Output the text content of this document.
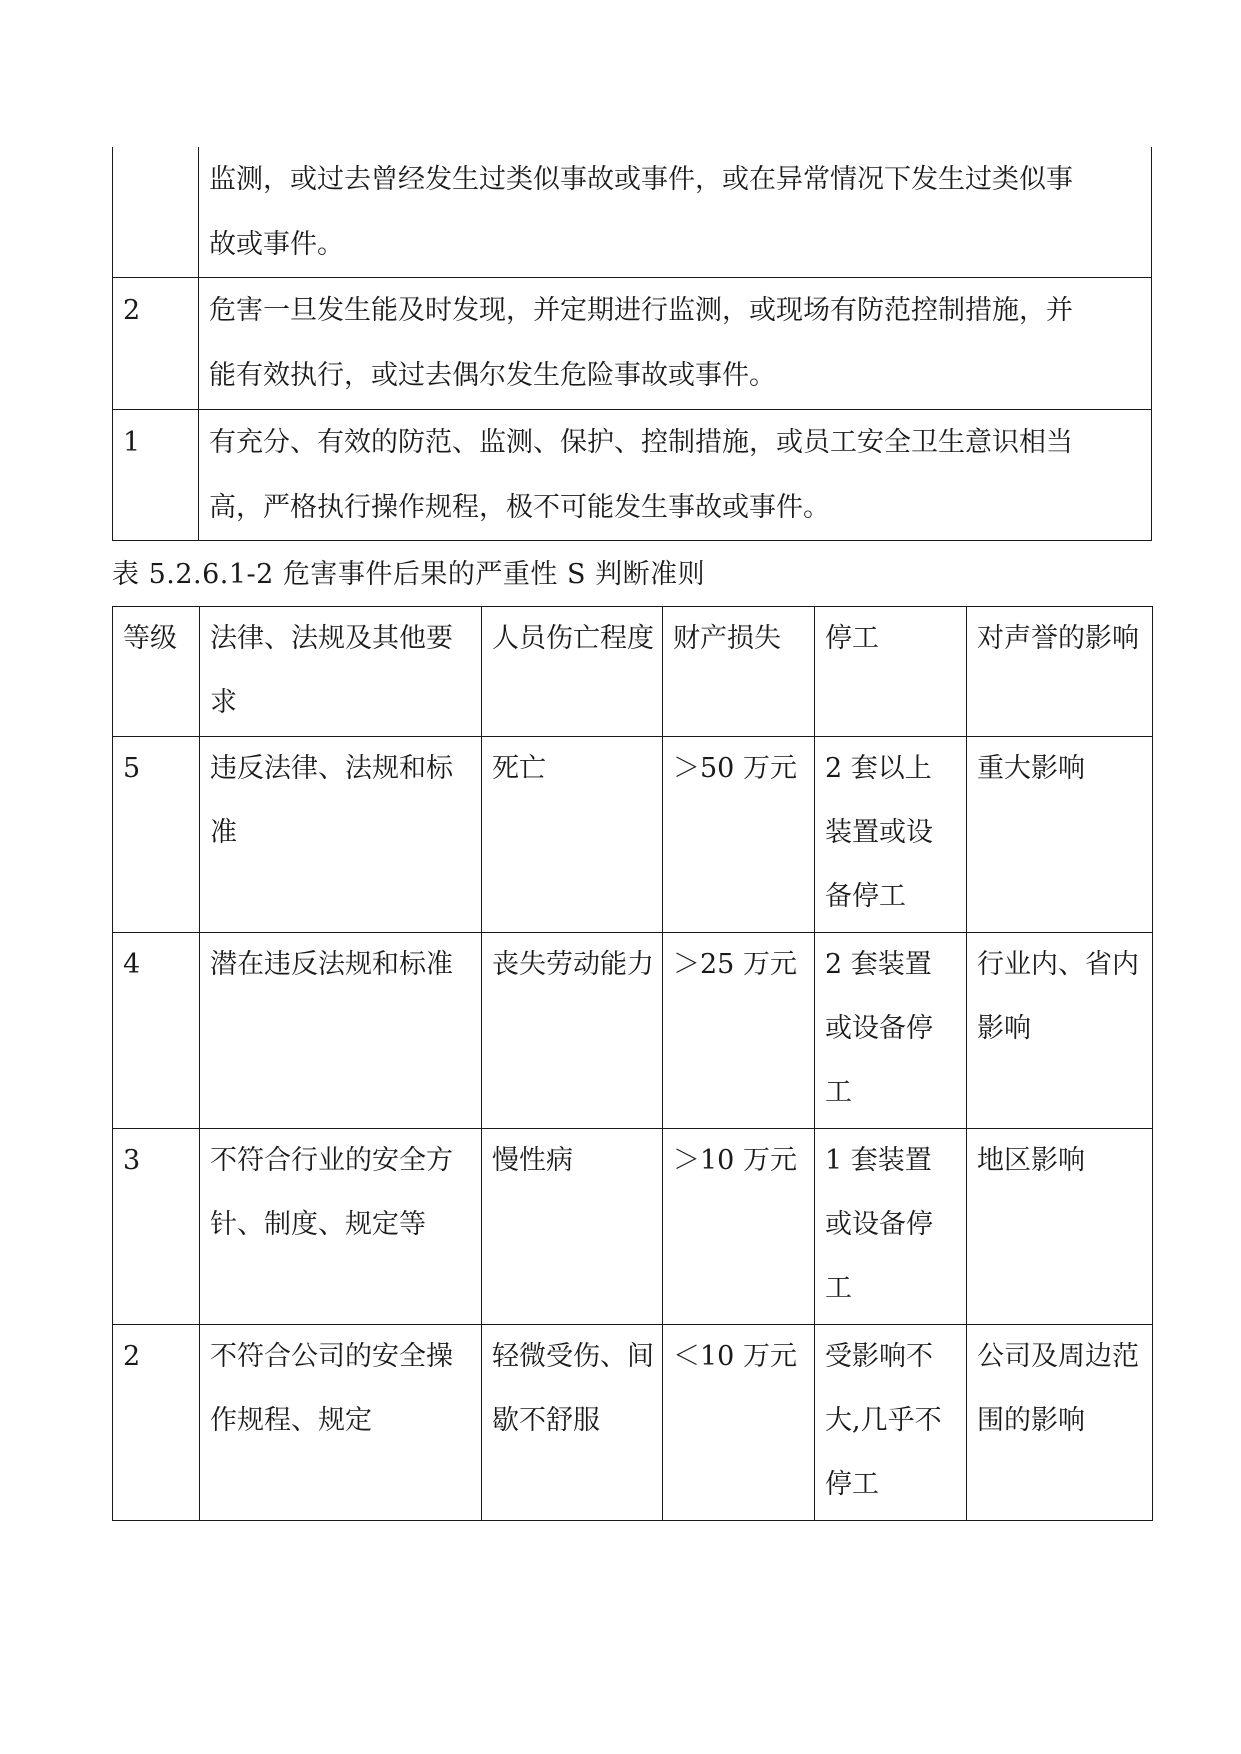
	监测，或过去曾经发生过类似事故或事件，或在异常情况下发生过类似事
故或事件。

2	危害一旦发生能及时发现，并定期进行监测，或现场有防范控制措施，并
能有效执行，或过去偶尔发生危险事故或事件。

1	有充分、有效的防范、监测、保护、控制措施，或员工安全卫生意识相当
高，严格执行操作规程，极不可能发生事故或事件。

表 5.2.6.1-2 危害事件后果的严重性 S 判断准则

等级	法律、法规及其他要求	人员伤亡程度	财产损失	停工	对声誉的影响
5	违反法律、法规和标准	死亡	＞50 万元	2 套以上装置或设备停工	重大影响
4	潜在违反法规和标准	丧失劳动能力	＞25 万元	2 套装置或设备停工	行业内、省内影响
3	不符合行业的安全方针、制度、规定等	慢性病	＞10 万元	1 套装置或设备停工	地区影响
2	不符合公司的安全操作规程、规定	轻微受伤、间歇不舒服	＜10 万元	受影响不大,几乎不停工	公司及周边范围的影响
